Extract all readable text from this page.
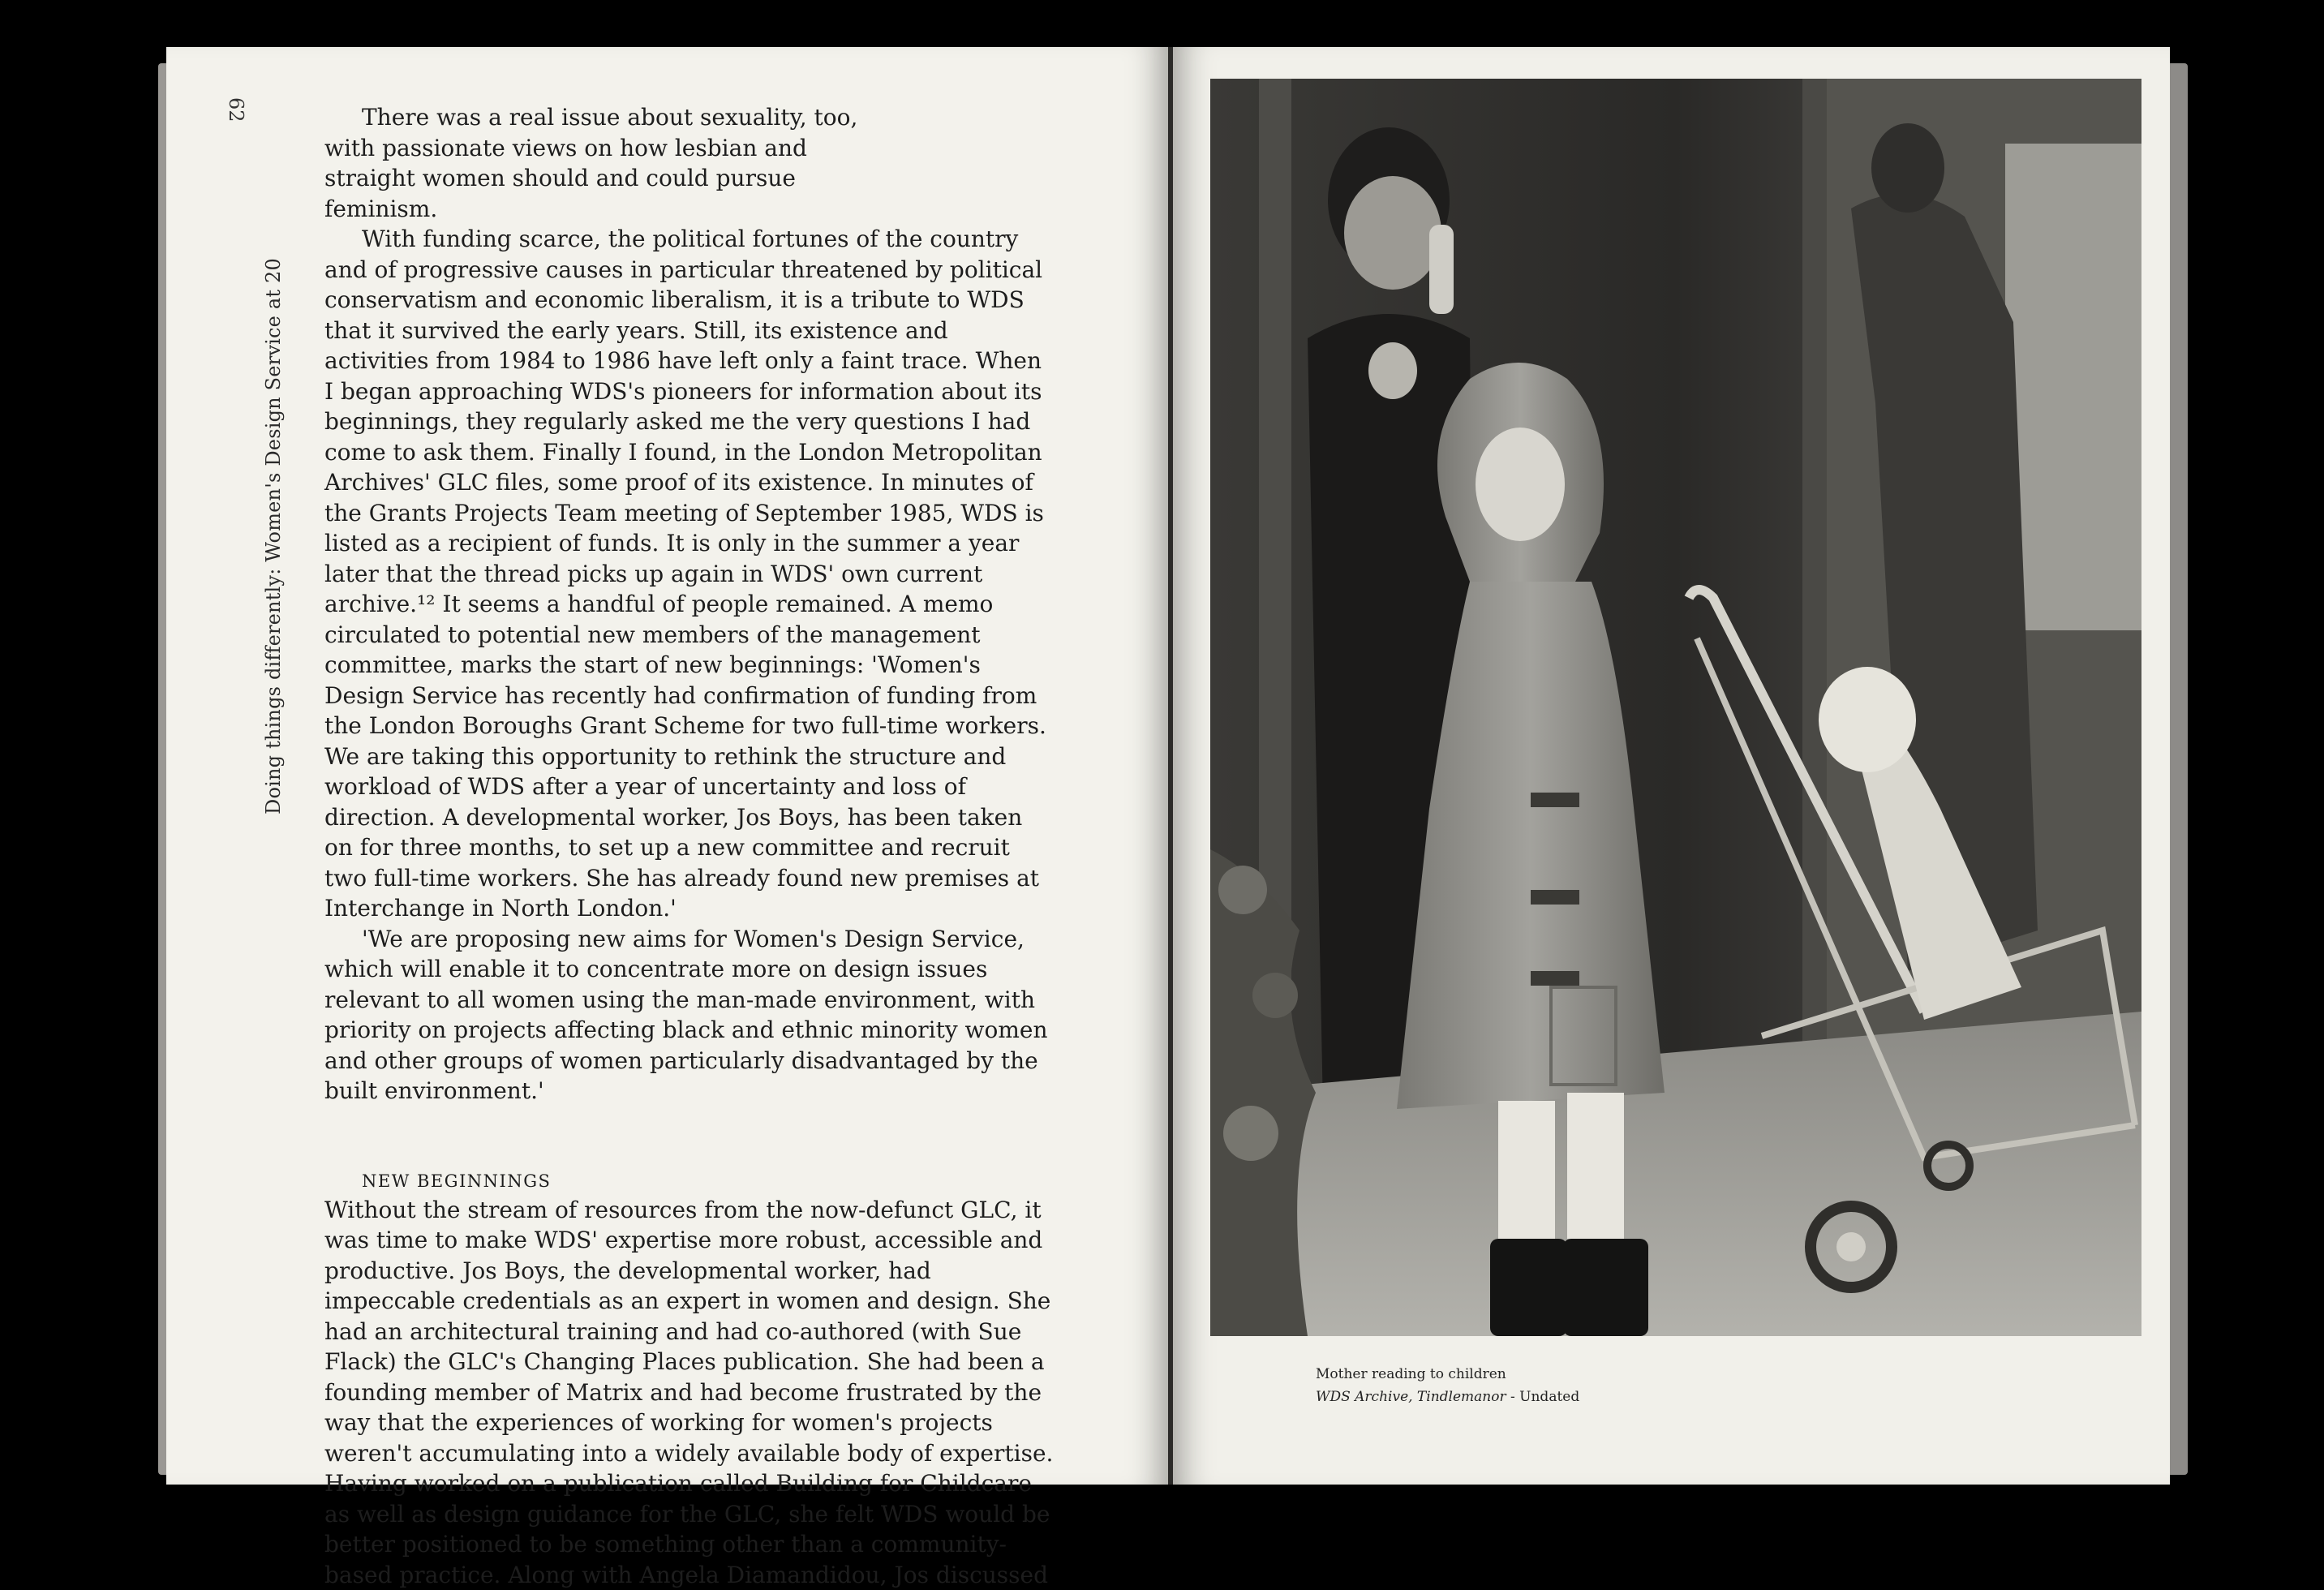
62
Doing things differently: Women's Design Service at 20

There was a real issue about sexuality, too, with passionate views on how lesbian and straight women should and could pursue feminism.

With funding scarce, the political fortunes of the country and of progressive causes in particular threatened by political conservatism and economic liberalism, it is a tribute to WDS that it survived the early years. Still, its existence and activities from 1984 to 1986 have left only a faint trace. When I began approaching WDS's pioneers for information about its beginnings, they regularly asked me the very questions I had come to ask them. Finally I found, in the London Metropolitan Archives' GLC files, some proof of its existence. In minutes of the Grants Projects Team meeting of September 1985, WDS is listed as a recipient of funds. It is only in the summer a year later that the thread picks up again in WDS' own current archive.¹² It seems a handful of people remained. A memo circulated to potential new members of the management committee, marks the start of new beginnings: 'Women's Design Service has recently had confirmation of funding from the London Boroughs Grant Scheme for two full-time workers. We are taking this opportunity to rethink the structure and workload of WDS after a year of uncertainty and loss of direction. A developmental worker, Jos Boys, has been taken on for three months, to set up a new committee and recruit two full-time workers. She has already found new premises at Interchange in North London.'

'We are proposing new aims for Women's Design Service, which will enable it to concentrate more on design issues relevant to all women using the man-made environment, with priority on projects affecting black and ethnic minority women and other groups of women particularly disadvantaged by the built environment.'

NEW BEGINNINGS

Without the stream of resources from the now-defunct GLC, it was time to make WDS' expertise more robust, accessible and productive. Jos Boys, the developmental worker, had impeccable credentials as an expert in women and design. She had an architectural training and had co-authored (with Sue Flack) the GLC's Changing Places publication. She had been a founding member of Matrix and had become frustrated by the way that the experiences of working for women's projects weren't accumulating into a widely available body of expertise. Having worked on a publication called Building for Childcare as well as design guidance for the GLC, she felt WDS would be better positioned to be something other than a community-based practice. Along with Angela Diamandidou, Jos discussed

Mother reading to children
WDS Archive, Tindlemanor - Undated
